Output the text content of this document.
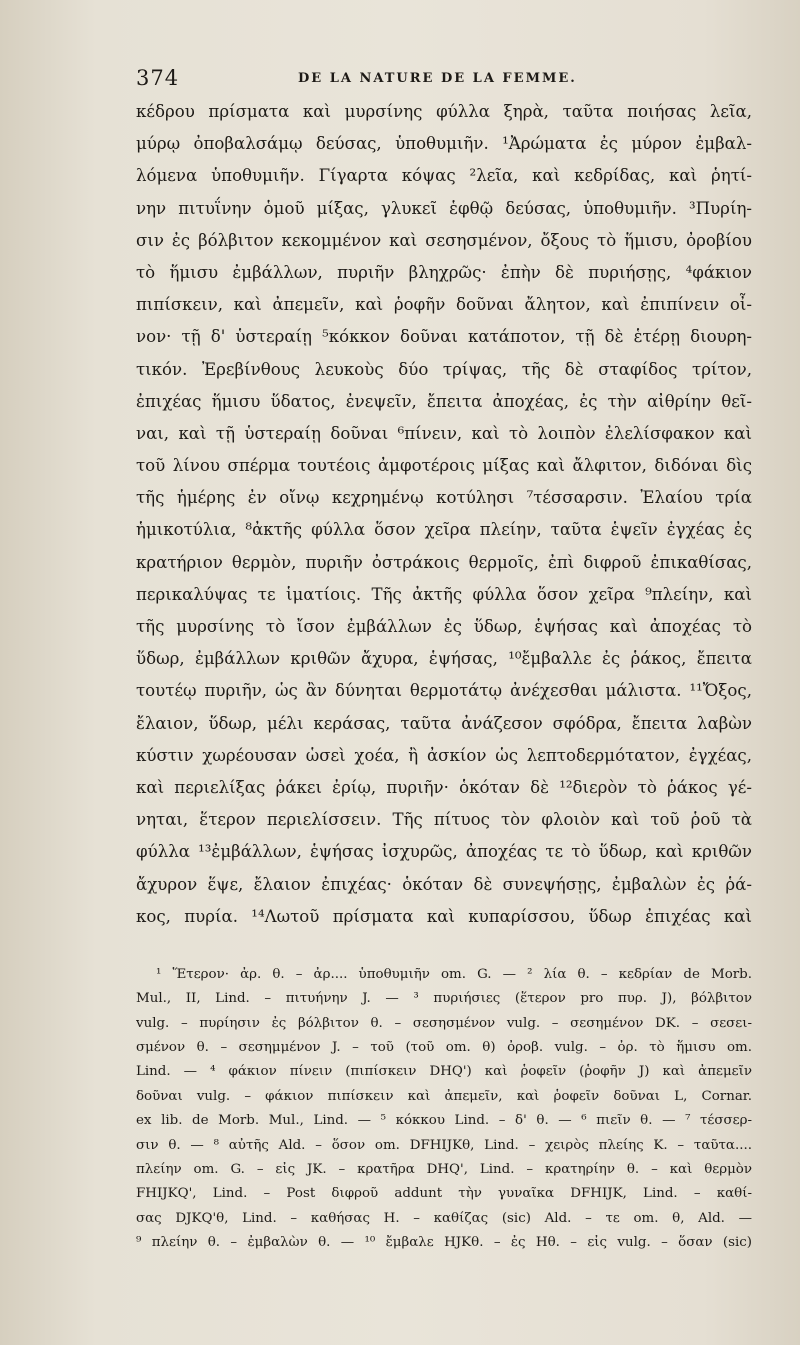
374	DE LA NATURE DE LA FEMME.
κέδρου πρίσματα καὶ μυρσίνης φύλλα ξηρὰ, ταῦτα ποιήσας λεῖα,
μύρῳ ὀποβαλσάμῳ δεύσας, ὑποθυμιῆν. ¹Ἀρώματα ἐς μύρον ἐμβαλ-
λόμενα ὑποθυμιῆν. Γίγαρτα κόψας ²λεῖα, καὶ κεδρίδας, καὶ ῥητί-
νην πιτυΐνην ὁμοῦ μίξας, γλυκεῖ ἑφθῷ δεύσας, ὑποθυμιῆν. ³Πυρίη-
σιν ἐς βόλβιτον κεκομμένον καὶ σεσησμένον, ὄξους τὸ ἥμισυ, ὀροβίου
τὸ ἥμισυ ἐμβάλλων, πυριῆν βληχρῶς· ἐπὴν δὲ πυριήσῃς, ⁴φάκιον
πιπίσκειν, καὶ ἀπεμεῖν, καὶ ῥοφῆν δοῦναι ἄλητον, καὶ ἐπιπίνειν οἶ-
νον· τῇ δ' ὑστεραίῃ ⁵κόκκον δοῦναι κατάποτον, τῇ δὲ ἑτέρῃ διουρη-
τικόν. Ἐρεβίνθους λευκοὺς δύο τρίψας, τῆς δὲ σταφίδος τρίτον,
ἐπιχέας ἥμισυ ὕδατος, ἐνεψεῖν, ἔπειτα ἀποχέας, ἐς τὴν αἰθρίην θεῖ-
ναι, καὶ τῇ ὑστεραίῃ δοῦναι ⁶πίνειν, καὶ τὸ λοιπὸν ἐλελίσφακον καὶ
τοῦ λίνου σπέρμα τουτέοις ἀμφοτέροις μίξας καὶ ἄλφιτον, διδόναι δὶς
τῆς ἡμέρης ἐν οἴνῳ κεχρημένῳ κοτύλησι ⁷τέσσαρσιν. Ἐλαίου τρία
ἡμικοτύλια, ⁸ἀκτῆς φύλλα ὅσον χεῖρα πλείην, ταῦτα ἑψεῖν ἐγχέας ἐς
κρατήριον θερμὸν, πυριῆν ὀστράκοις θερμοῖς, ἐπὶ διφροῦ ἐπικαθίσας,
περικαλύψας τε ἱματίοις. Τῆς ἀκτῆς φύλλα ὅσον χεῖρα ⁹πλείην, καὶ
τῆς μυρσίνης τὸ ἴσον ἐμβάλλων ἐς ὕδωρ, ἑψήσας καὶ ἀποχέας τὸ
ὕδωρ, ἐμβάλλων κριθῶν ἄχυρα, ἑψήσας, ¹⁰ἔμβαλλε ἐς ῥάκος, ἔπειτα
τουτέῳ πυριῆν, ὡς ἂν δύνηται θερμοτάτῳ ἀνέχεσθαι μάλιστα. ¹¹Ὄξος,
ἔλαιον, ὕδωρ, μέλι κεράσας, ταῦτα ἀνάζεσον σφόδρα, ἔπειτα λαβὼν
κύστιν χωρέουσαν ὡσεὶ χοέα, ἢ ἀσκίον ὡς λεπτοδερμότατον, ἐγχέας,
καὶ περιελίξας ῥάκει ἐρίῳ, πυριῆν· ὁκόταν δὲ ¹²διερὸν τὸ ῥάκος γέ-
νηται, ἕτερον περιελίσσειν. Τῆς πίτυος τὸν φλοιὸν καὶ τοῦ ῥοῦ τὰ
φύλλα ¹³ἐμβάλλων, ἑψήσας ἰσχυρῶς, ἀποχέας τε τὸ ὕδωρ, καὶ κριθῶν
ἄχυρον ἕψε, ἔλαιον ἐπιχέας· ὁκόταν δὲ συνεψήσῃς, ἐμβαλὼν ἐς ῥά-
κος, πυρία. ¹⁴Λωτοῦ πρίσματα καὶ κυπαρίσσου, ὕδωρ ἐπιχέας καὶ
¹ Ἕτερον· ἀρ. θ. – ἀρ.... ὑποθυμιῆν om. G. — ² λία θ. – κεδρίαν de Morb.
Mul., II, Lind. – πιτυήνην J. — ³ πυριήσιες (ἕτερον pro πυρ. J), βόλβιτον
vulg. – πυρίησιν ἐς βόλβιτον θ. – σεσησμένον vulg. – σεσημένον DK. – σεσει-
σμένον θ. – σεσημμένον J. – τοῦ (τοῦ om. θ) ὀροβ. vulg. – ὀρ. τὸ ἥμισυ om.
Lind. — ⁴ φάκιον πίνειν (πιπίσκειν DHQ') καὶ ῥοφεῖν (ῥοφῆν J) καὶ ἀπεμεῖν
δοῦναι vulg. – φάκιον πιπίσκειν καὶ ἀπεμεῖν, καὶ ῥοφεῖν δοῦναι L, Cornar.
ex lib. de Morb. Mul., Lind. — ⁵ κόκκου Lind. – δ' θ. — ⁶ πιεῖν θ. — ⁷ τέσσερ-
σιν θ. — ⁸ αὐτῆς Ald. – ὅσον om. DFHIJKθ, Lind. – χειρὸς πλείης K. – ταῦτα....
πλείην om. G. – εἰς JK. – κρατῆρα DHQ', Lind. – κρατηρίην θ. – καὶ θερμὸν
FHIJKQ', Lind. – Post διφροῦ addunt τὴν γυναῖκα DFHIJK, Lind. – καθί-
σας DJKQ'θ, Lind. – καθήσας H. – καθίζας (sic) Ald. – τε om. θ, Ald. —
⁹ πλείην θ. – ἐμβαλὼν θ. — ¹⁰ ἔμβαλε HJKθ. – ἐς Hθ. – εἰς vulg. – ὅσαν (sic)
